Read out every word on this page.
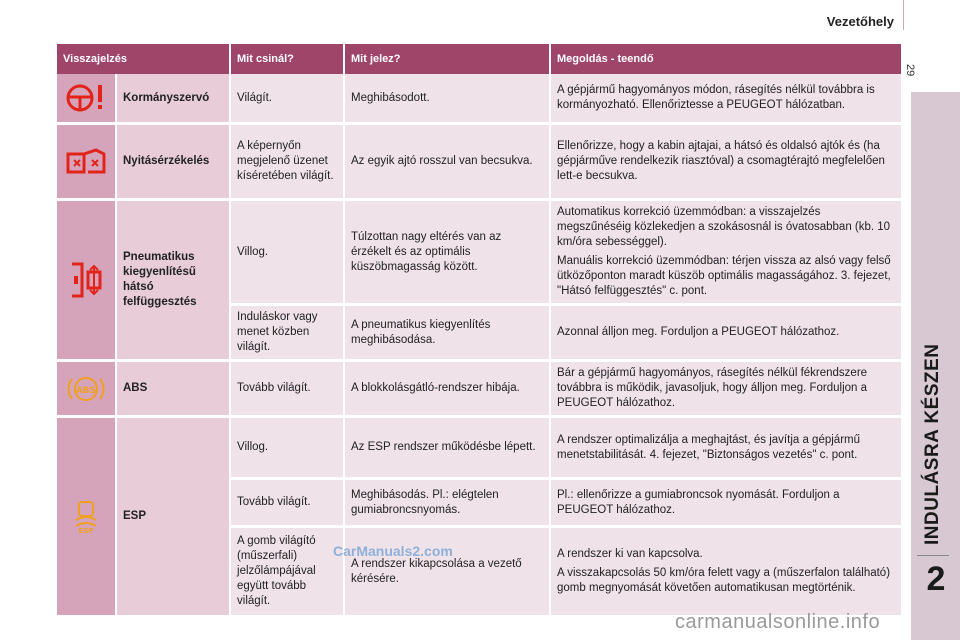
Vezetőhely
29
INDULÁSRA KÉSZEN
2
Visszajelzés		Mit csinál?	Mit jelez?	Megoldás - teendő

	Kormányszervó	Világít.	Meghibásodott.	A gépjármű hagyományos módon, rásegítés nélkül továbbra is kormányozható. Ellenőriztesse a PEUGEOT hálózatban.

	Nyitásérzékelés	A képernyőn megjelenő üzenet kíséretében világít.	Az egyik ajtó rosszul van becsukva.	Ellenőrizze, hogy a kabin ajtajai, a hátsó és oldalsó ajtók és (ha gépjárműve rendelkezik riasztóval) a csomagtérajtó megfelelően lett-e becsukva.

	Pneumatikus kiegyenlítésű hátsó felfüggesztés	Villog.	Túlzottan nagy eltérés van az érzékelt és az optimális küszöbmagasság között.	Automatikus korrekció üzemmódban: a visszajelzés megszűnéséig közlekedjen a szokásosnál is óvatosabban (kb. 10 km/óra sebességgel).

Manuális korrekció üzemmódban: térjen vissza az alsó vagy felső ütközőponton maradt küszöb optimális magasságához. 3. fejezet, "Hátsó felfüggesztés" c. pont.

		Induláskor vagy menet közben világít.	A pneumatikus kiegyenlítés meghibásodása.	Azonnal álljon meg. Forduljon a PEUGEOT hálózathoz.

ABS	ABS	Tovább világít.	A blokkolásgátló-rendszer hibája.	Bár a gépjármű hagyományos, rásegítés nélkül fékrendszere továbbra is működik, javasoljuk, hogy álljon meg. Forduljon a PEUGEOT hálózathoz.

ESP	ESP	Villog.	Az ESP rendszer működésbe lépett.	A rendszer optimalizálja a meghajtást, és javítja a gépjármű menetstabilitását. 4. fejezet, "Biztonságos vezetés" c. pont.

		Tovább világít.	Meghibásodás. Pl.: elégtelen gumiabroncsnyomás.	Pl.: ellenőrizze a gumiabroncsok nyomását. Forduljon a PEUGEOT hálózathoz.

		A gomb világító (műszerfali) jelzőlámpájával együtt tovább világít.	A rendszer kikapcsolása a vezető kérésére.	A rendszer ki van kapcsolva.

A visszakapcsolás 50 km/óra felett vagy a (műszerfalon található) gomb megnyomását követően automatikusan megtörténik.

CarManuals2.com
carmanualsonline.info
